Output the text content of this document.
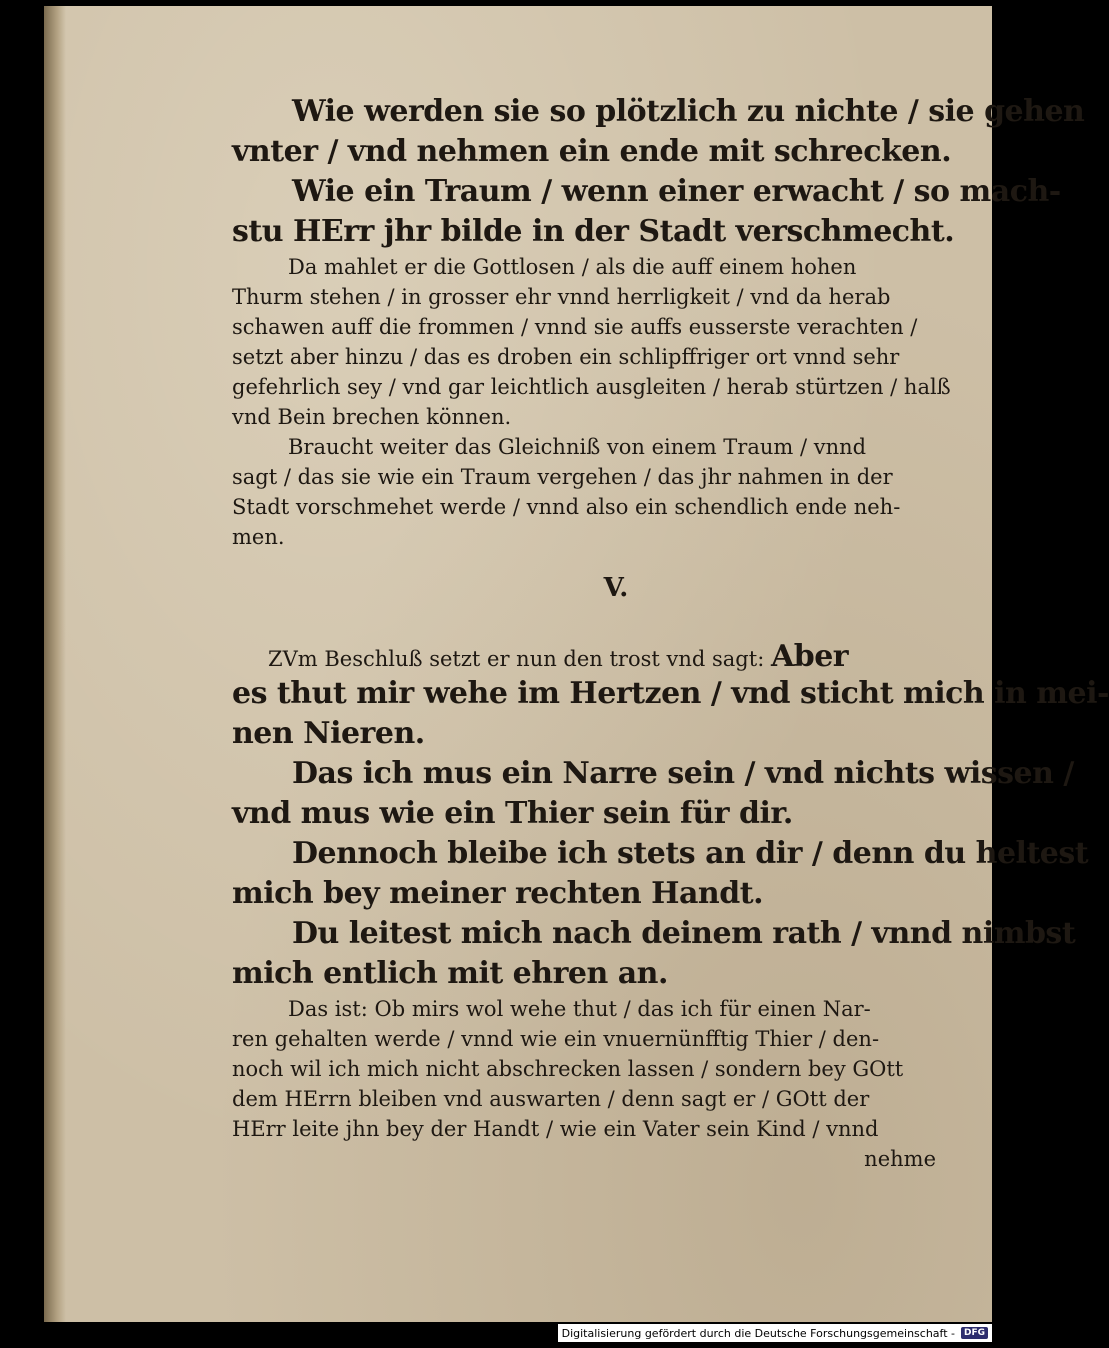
Wie werden sie so plötzlich zu nichte / sie gehen

vnter / vnd nehmen ein ende mit schrecken.

Wie ein Traum / wenn einer erwacht / so mach-

stu HErr jhr bilde in der Stadt verschmecht.

Da mahlet er die Gottlosen / als die auff einem hohen

Thurm stehen / in grosser ehr vnnd herrligkeit / vnd da herab

schawen auff die frommen / vnnd sie auffs eusserste verachten /

setzt aber hinzu / das es droben ein schlipffriger ort vnnd sehr

gefehrlich sey / vnd gar leichtlich ausgleiten / herab stürtzen / halß

vnd Bein brechen können.

Braucht weiter das Gleichniß von einem Traum / vnnd

sagt / das sie wie ein Traum vergehen / das jhr nahmen in der

Stadt vorschmehet werde / vnnd also ein schendlich ende neh-

men.

V.

ZVm Beschluß setzt er nun den trost vnd sagt: Aber

es thut mir wehe im Hertzen / vnd sticht mich in mei-

nen Nieren.

Das ich mus ein Narre sein / vnd nichts wissen /

vnd mus wie ein Thier sein für dir.

Dennoch bleibe ich stets an dir / denn du heltest

mich bey meiner rechten Handt.

Du leitest mich nach deinem rath / vnnd nimbst

mich entlich mit ehren an.

Das ist: Ob mirs wol wehe thut / das ich für einen Nar-

ren gehalten werde / vnnd wie ein vnuernünfftig Thier / den-

noch wil ich mich nicht abschrecken lassen / sondern bey GOtt

dem HErrn bleiben vnd auswarten / denn sagt er / GOtt der

HErr leite jhn bey der Handt / wie ein Vater sein Kind / vnnd

nehme

Digitalisierung gefördert durch die Deutsche Forschungsgemeinschaft -	DFG
